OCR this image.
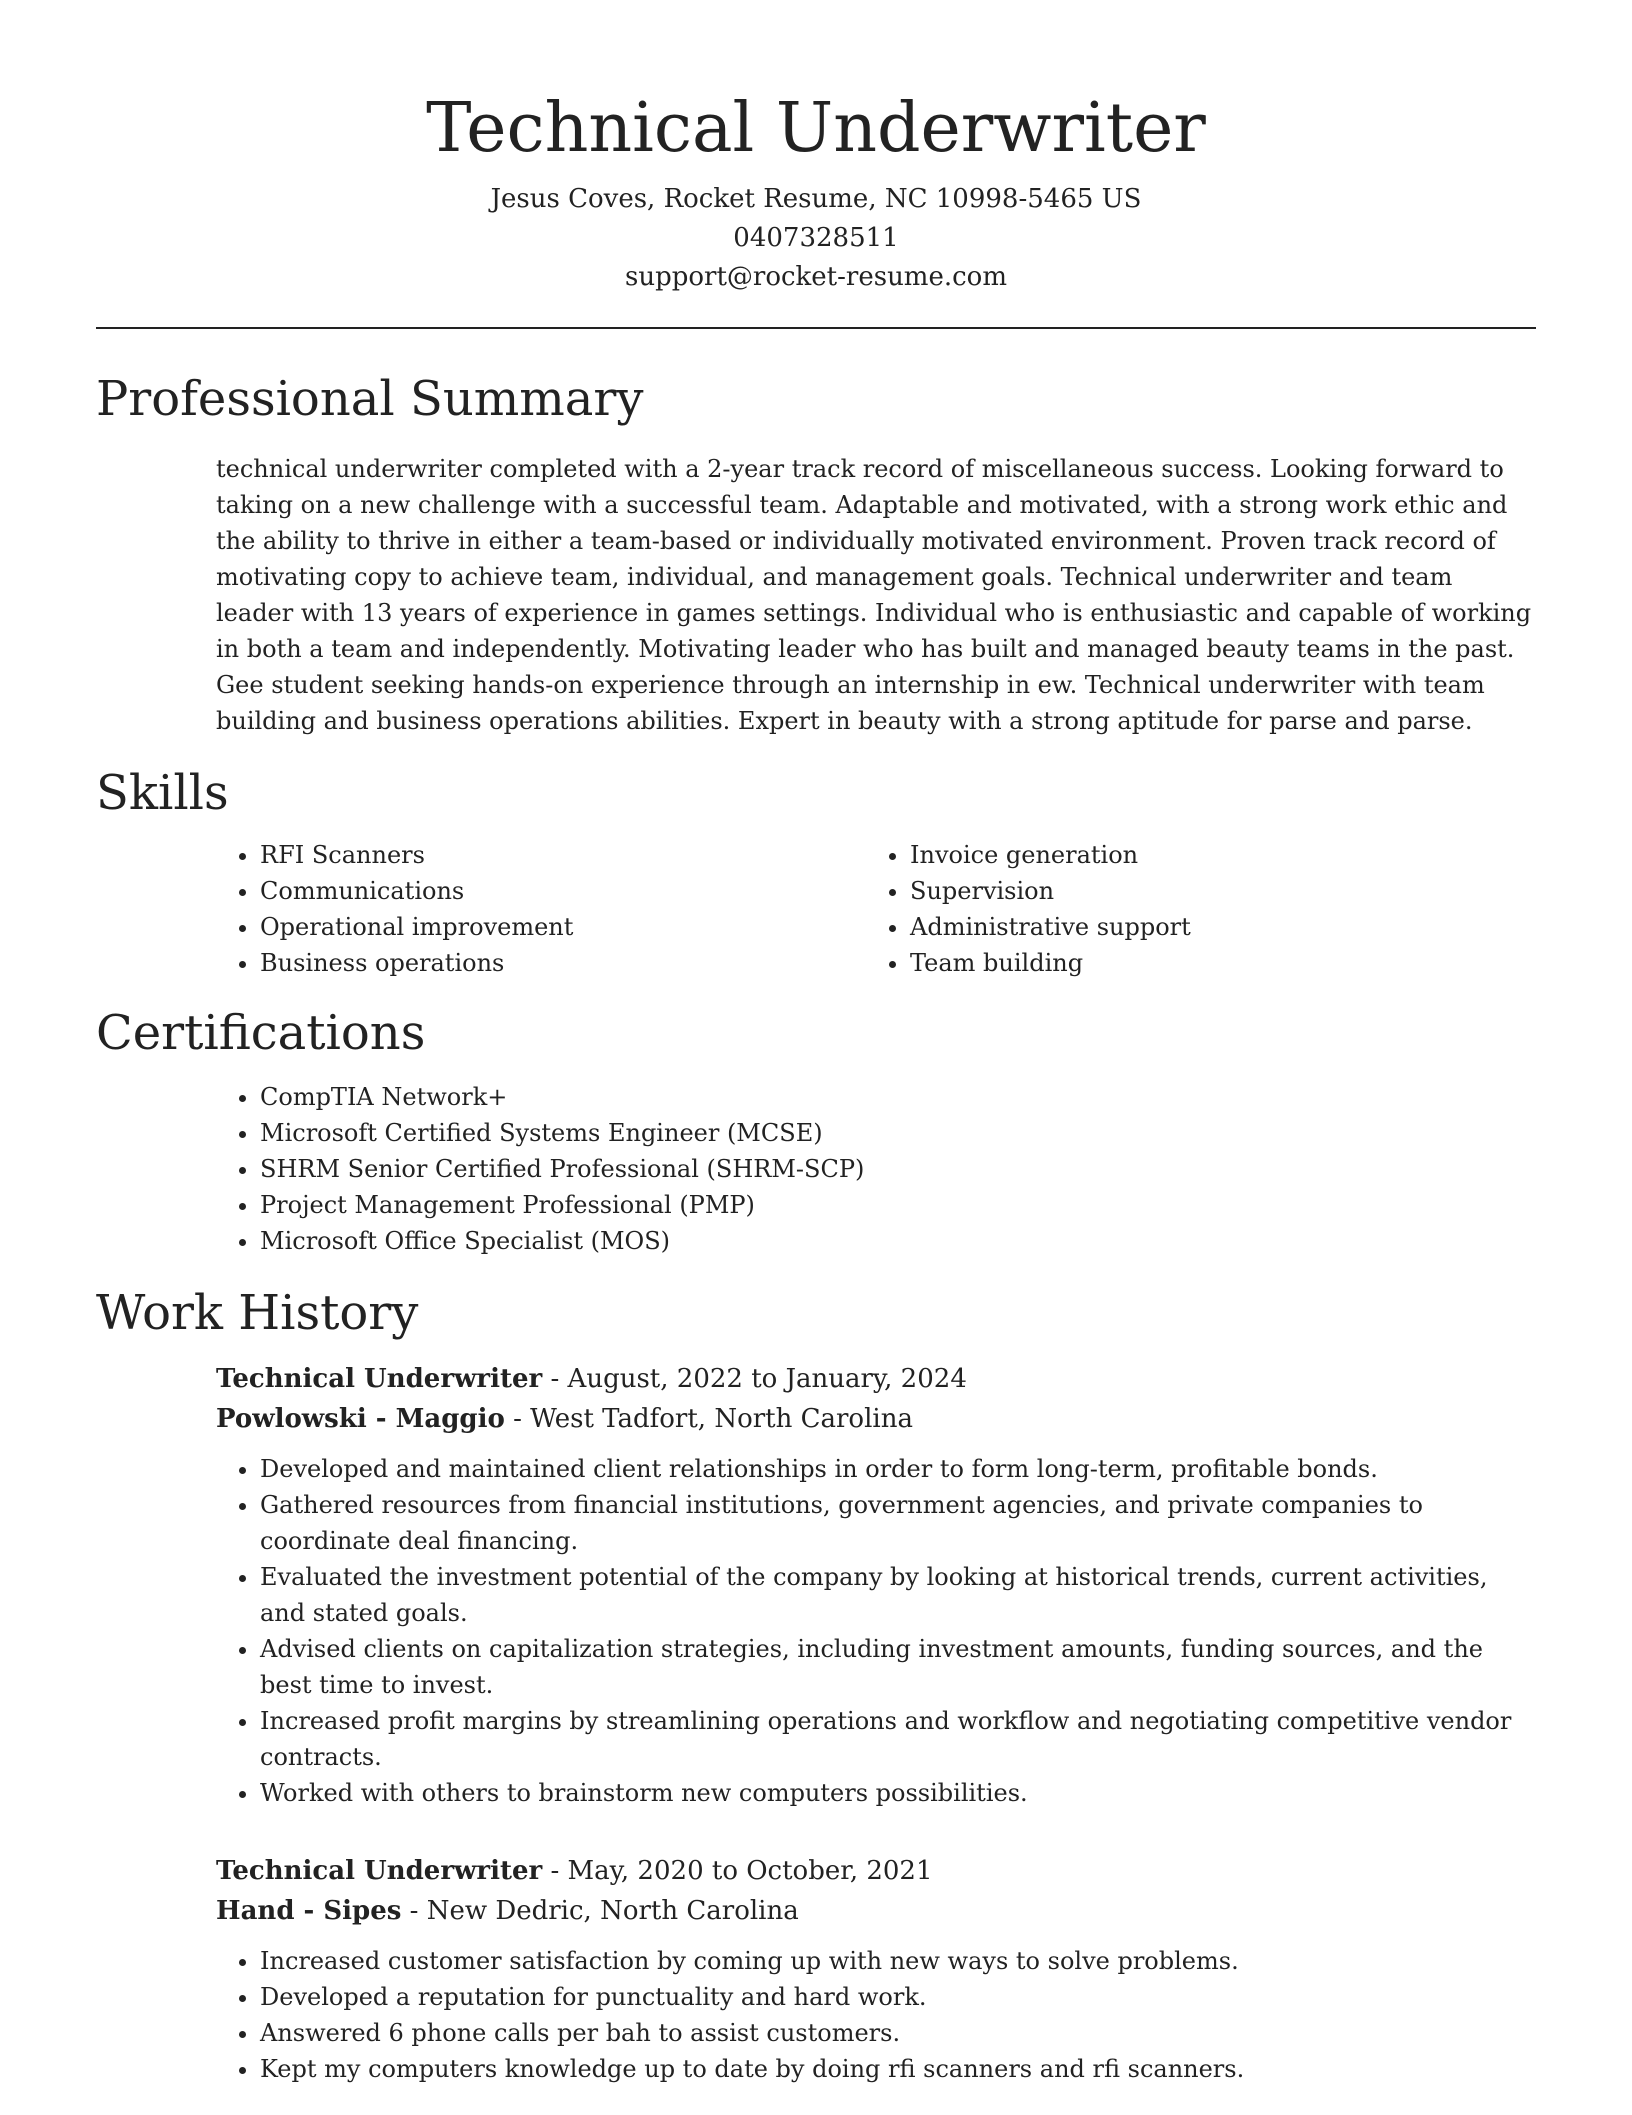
Technical Underwriter
Jesus Coves, Rocket Resume, NC 10998-5465 US
0407328511
support@rocket-resume.com
Professional Summary

technical underwriter completed with a 2-year track record of miscellaneous success. Looking forward to taking on a new challenge with a successful team. Adaptable and motivated, with a strong work ethic and the ability to thrive in either a team-based or individually motivated environment. Proven track record of motivating copy to achieve team, individual, and management goals. Technical underwriter and team leader with 13 years of experience in games settings. Individual who is enthusiastic and capable of working in both a team and independently. Motivating leader who has built and managed beauty teams in the past. Gee student seeking hands-on experience through an internship in ew. Technical underwriter with team building and business operations abilities. Expert in beauty with a strong aptitude for parse and parse.

Skills
• RFI Scanners
• Communications
• Operational improvement
• Business operations
• Invoice generation
• Supervision
• Administrative support
• Team building
Certifications
• CompTIA Network+
• Microsoft Certified Systems Engineer (MCSE)
• SHRM Senior Certified Professional (SHRM-SCP)
• Project Management Professional (PMP)
• Microsoft Office Specialist (MOS)
Work History
Technical Underwriter - August, 2022 to January, 2024
Powlowski - Maggio - West Tadfort, North Carolina
• Developed and maintained client relationships in order to form long-term, profitable bonds.
• Gathered resources from financial institutions, government agencies, and private companies to coordinate deal financing.
• Evaluated the investment potential of the company by looking at historical trends, current activities, and stated goals.
• Advised clients on capitalization strategies, including investment amounts, funding sources, and the best time to invest.
• Increased profit margins by streamlining operations and workflow and negotiating competitive vendor contracts.
• Worked with others to brainstorm new computers possibilities.
Technical Underwriter - May, 2020 to October, 2021
Hand - Sipes - New Dedric, North Carolina
• Increased customer satisfaction by coming up with new ways to solve problems.
• Developed a reputation for punctuality and hard work.
• Answered 6 phone calls per bah to assist customers.
• Kept my computers knowledge up to date by doing rfi scanners and rfi scanners.
